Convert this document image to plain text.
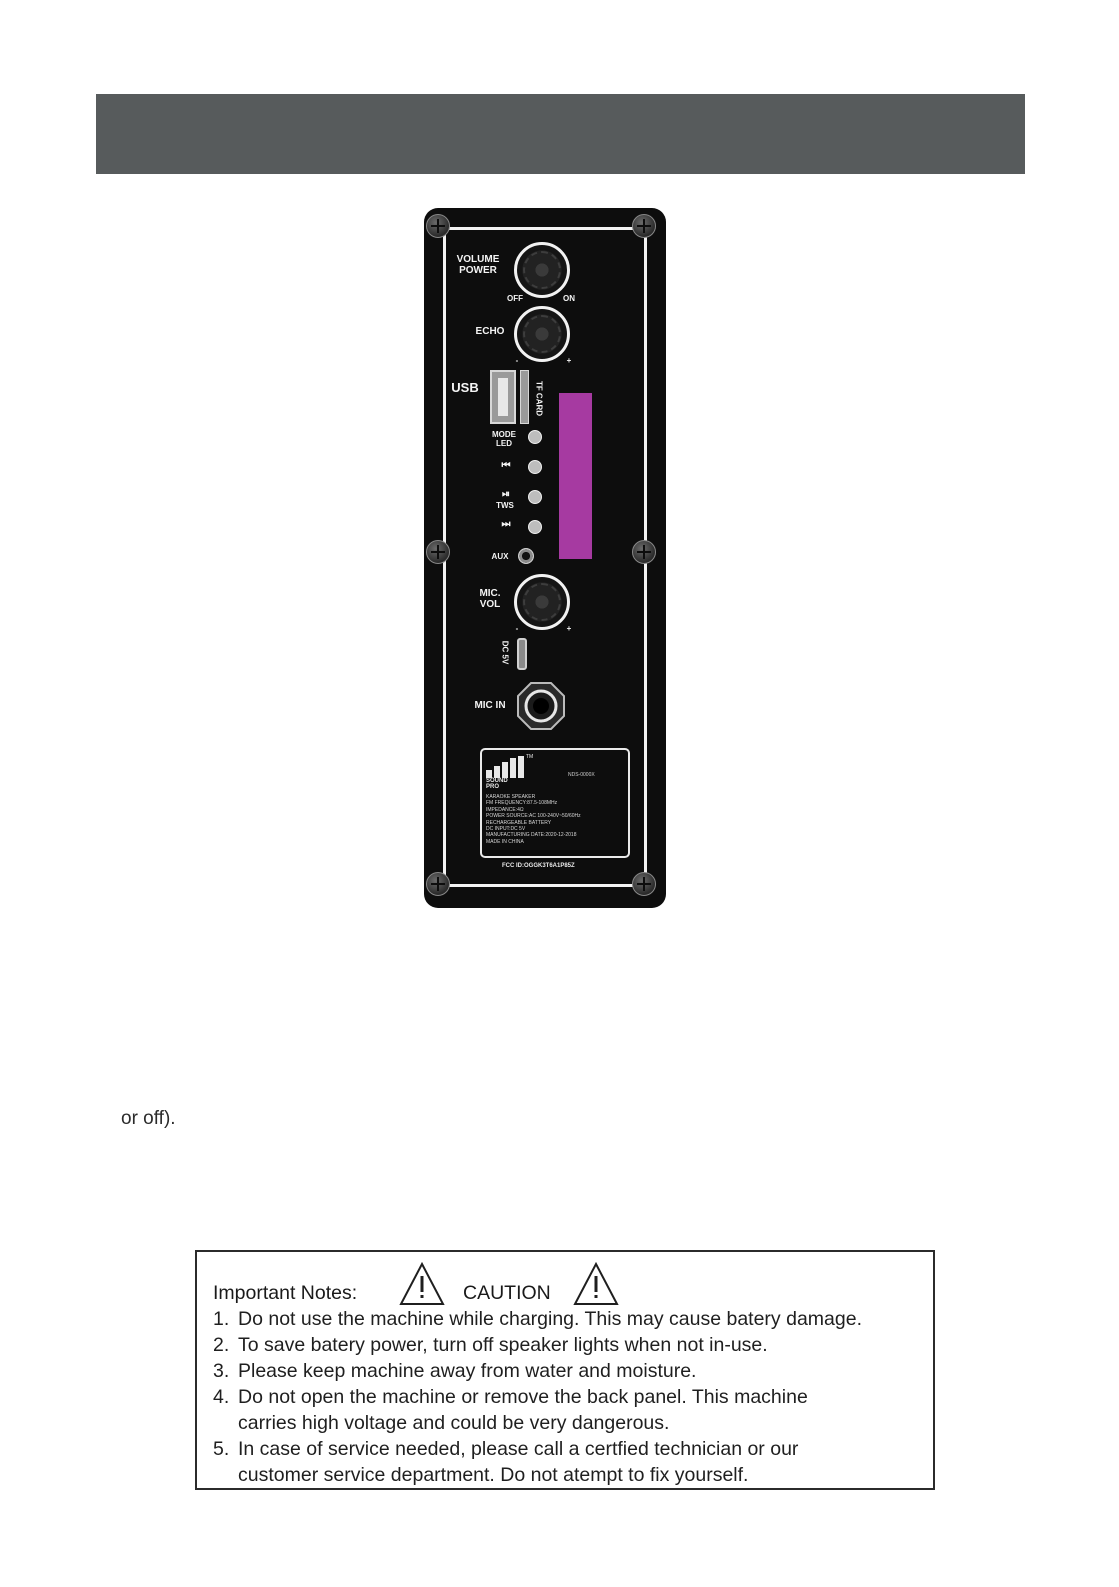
VOLUME
POWER
OFF	ON
ECHO
-	+
USB	TF CARD
MODE
LED
⏮
⏯
TWS
⏭
AUX
MIC.
VOL
-	+
DC 5V
MIC IN
TM
SOUND
PRO
NDS-0000X
KARAOKE SPEAKER
FM FREQUENCY:87.5-108MHz
IMPEDANCE:4Ω
POWER SOURCE:AC 100-240V~50/60Hz
RECHARGEABLE BATTERY
DC INPUT:DC 5V
MANUFACTURING DATE:2020-12-2018
MADE IN CHINA
FCC ID:OGGK3T6A1P85Z
or off).
Important Notes:	CAUTION
1. Do not use the machine while charging. This may cause batery damage.
2. To save batery power, turn off speaker lights when not in-use.
3. Please keep machine away from water and moisture.
4. Do not open the machine or remove the back panel. This machine
carries high voltage and could be very dangerous.
5. In case of service needed, please call a certfied technician or our
customer service department. Do not atempt to fix yourself.
